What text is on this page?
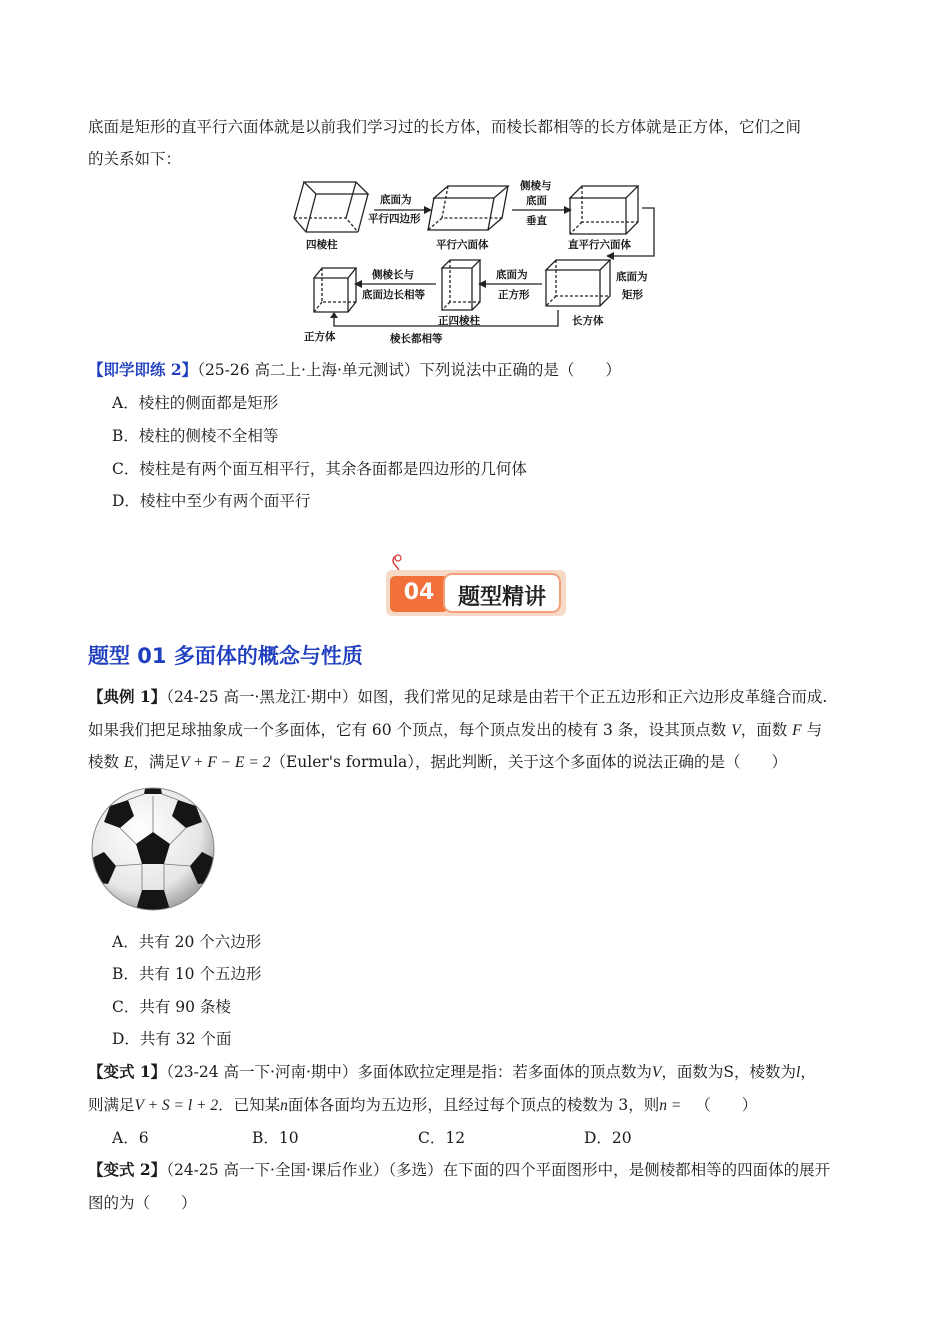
底面是矩形的直平行六面体就是以前我们学习过的长方体，而棱长都相等的长方体就是正方体，它们之间
的关系如下：
四棱柱
底面为
平行四边形
平行六面体
侧棱与
底面
垂直
直平行六面体
底面为
矩形
长方体
底面为
正方形
正四棱柱
侧棱长与
底面边长相等
正方体	棱长都相等
【即学即练 2】（25-26 高二上·上海·单元测试）下列说法中正确的是（　　）
A．棱柱的侧面都是矩形
B．棱柱的侧棱不全相等
C．棱柱是有两个面互相平行，其余各面都是四边形的几何体
D．棱柱中至少有两个面平行
04	题型精讲
题型 01 多面体的概念与性质
【典例 1】（24-25 高一·黑龙江·期中）如图，我们常见的足球是由若干个正五边形和正六边形皮革缝合而成.
如果我们把足球抽象成一个多面体，它有 60 个顶点，每个顶点发出的棱有 3 条，设其顶点数 V，面数 F 与
棱数 E，满足V + F − E = 2（Euler's formula），据此判断，关于这个多面体的说法正确的是（　　）
A．共有 20 个六边形
B．共有 10 个五边形
C．共有 90 条棱
D．共有 32 个面
【变式 1】（23-24 高一下·河南·期中）多面体欧拉定理是指：若多面体的顶点数为V，面数为S，棱数为l，
则满足V + S = l + 2．已知某n面体各面均为五边形，且经过每个顶点的棱数为 3，则n = （　　）
A．6	B．10	C．12	D．20
【变式 2】（24-25 高一下·全国·课后作业）（多选）在下面的四个平面图形中，是侧棱都相等的四面体的展开
图的为（　　）
